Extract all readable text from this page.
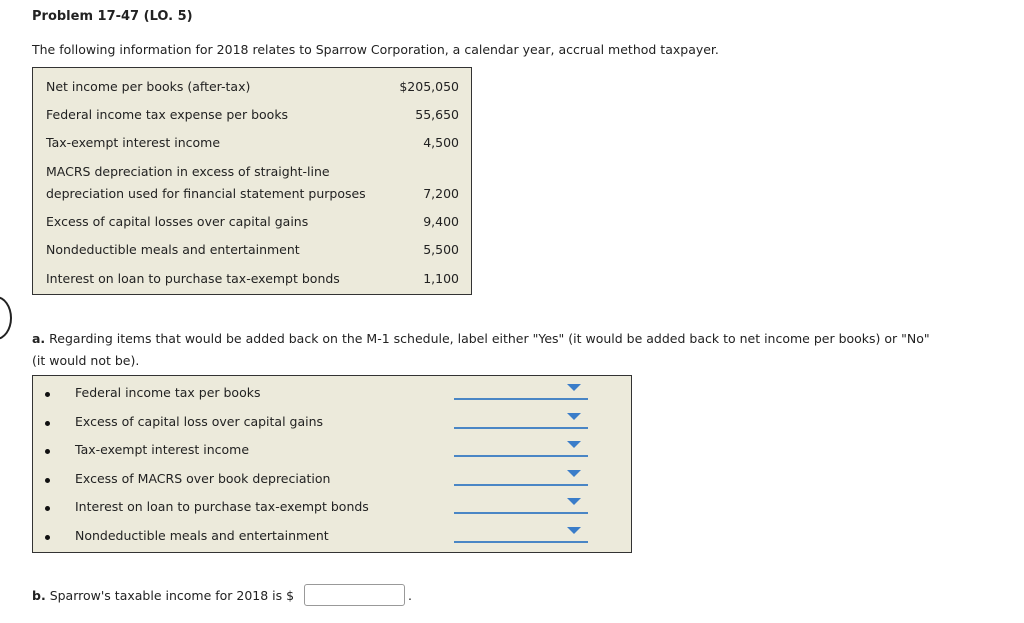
Problem 17-47 (LO. 5)
The following information for 2018 relates to Sparrow Corporation, a calendar year, accrual method taxpayer.
Net income per books (after-tax)	$205,050
Federal income tax expense per books	55,650
Tax-exempt interest income	4,500
MACRS depreciation in excess of straight-line
depreciation used for financial statement purposes	7,200
Excess of capital losses over capital gains	9,400
Nondeductible meals and entertainment	5,500
Interest on loan to purchase tax-exempt bonds	1,100
a. Regarding items that would be added back on the M-1 schedule, label either "Yes" (it would be added back to net income per books) or "No" (it would not be).
Federal income tax per books
Excess of capital loss over capital gains
Tax-exempt interest income
Excess of MACRS over book depreciation
Interest on loan to purchase tax-exempt bonds
Nondeductible meals and entertainment
b. Sparrow's taxable income for 2018 is $	.
